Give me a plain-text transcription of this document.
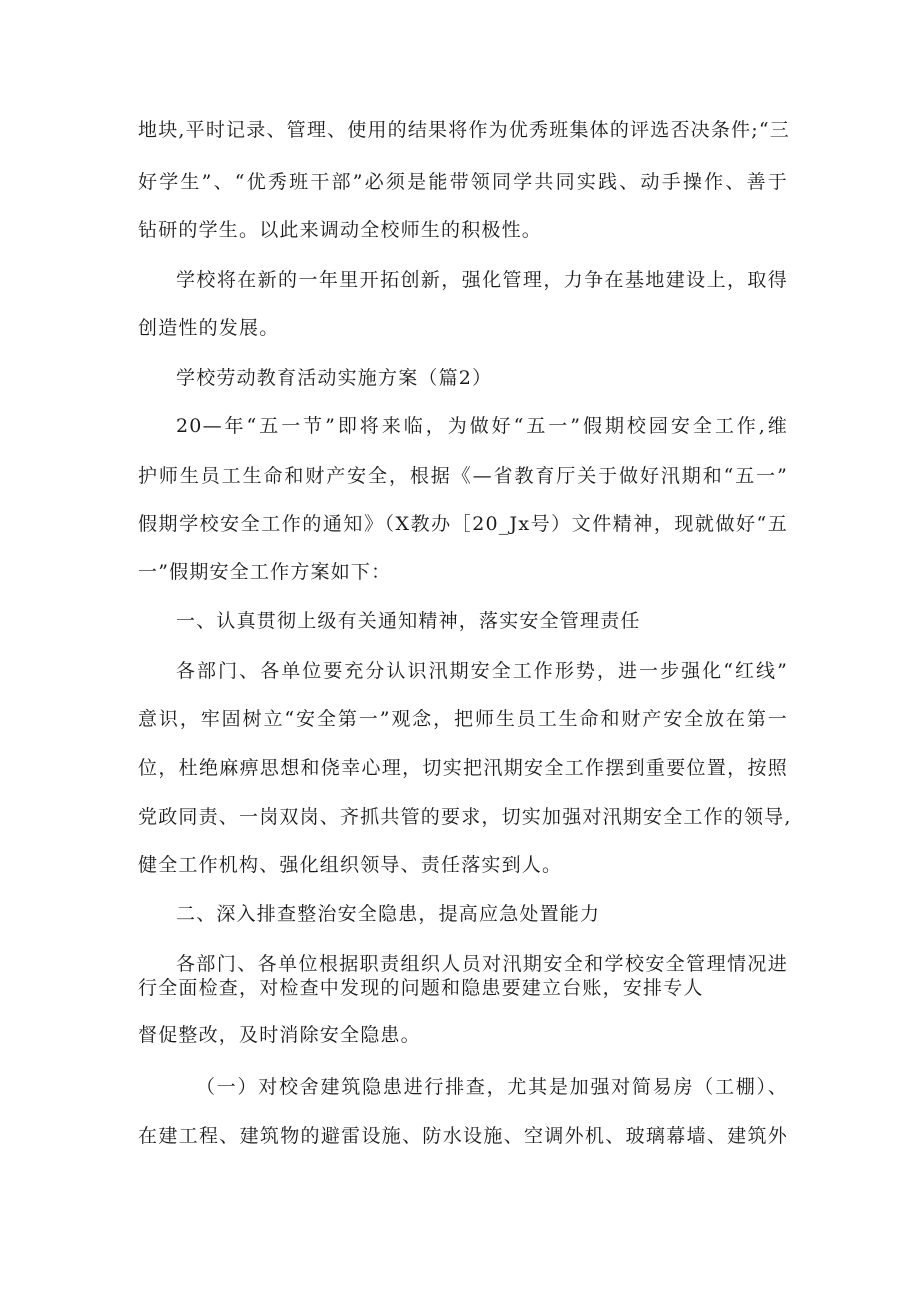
地块,平时记录、管理、使用的结果将作为优秀班集体的评选否决条件;“三
好学生”、“优秀班干部”必须是能带领同学共同实践、动手操作、善于
钻研的学生。以此来调动全校师生的积极性。
学校将在新的一年里开拓创新，强化管理，力争在基地建设上，取得
创造性的发展。
学校劳动教育活动实施方案（篇2）
20—年“五一节”即将来临，为做好“五一”假期校园安全工作,维
护师生员工生命和财产安全，根据《—省教育厅关于做好汛期和“五一”
假期学校安全工作的通知》（X教办［20_Jx号）文件精神，现就做好“五
一”假期安全工作方案如下：
一、认真贯彻上级有关通知精神，落实安全管理责任
各部门、各单位要充分认识汛期安全工作形势，进一步强化“红线”
意识，牢固树立“安全第一”观念，把师生员工生命和财产安全放在第一
位，杜绝麻痹思想和侥幸心理，切实把汛期安全工作摆到重要位置，按照
党政同责、一岗双岗、齐抓共管的要求，切实加强对汛期安全工作的领导,
健全工作机构、强化组织领导、责任落实到人。
二、深入排查整治安全隐患，提高应急处置能力
各部门、各单位根据职责组织人员对汛期安全和学校安全管理情况进
行全面检查，对检查中发现的问题和隐患要建立台账，安排专人
督促整改，及时消除安全隐患。
（一）对校舍建筑隐患进行排查，尤其是加强对简易房（工棚）、
在建工程、建筑物的避雷设施、防水设施、空调外机、玻璃幕墙、建筑外
